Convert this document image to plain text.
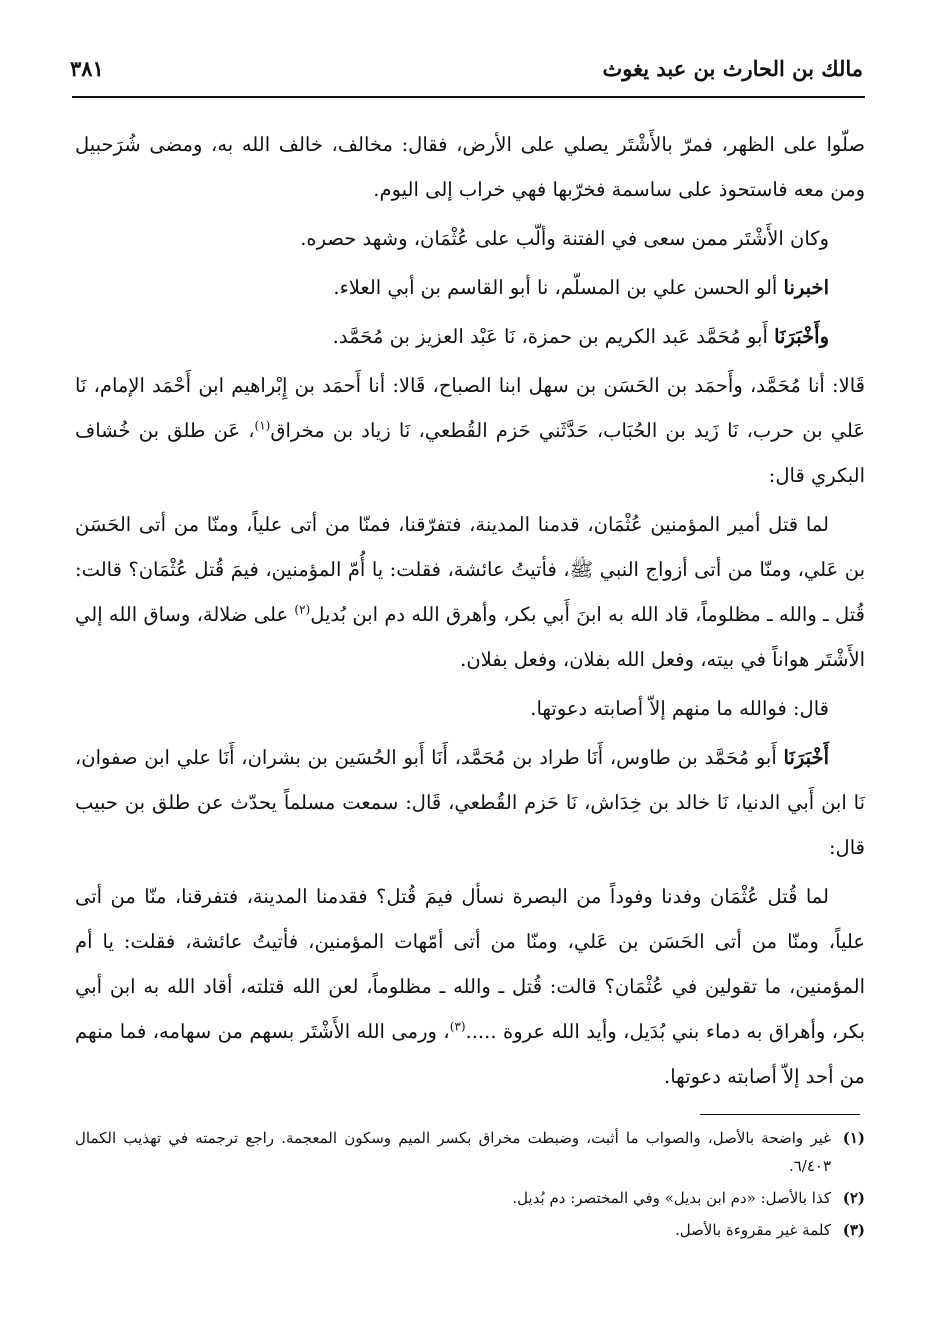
مالك بن الحارث بن عبد يغوث
٣٨١

صلّوا على الظهر، فمرّ بالأَشْتَر يصلي على الأرض، فقال: مخالف، خالف الله به، ومضى شُرَحبيل ومن معه فاستحوذ على ساسمة فخرّبها فهي خراب إلى اليوم.

وكان الأَشْتَر ممن سعى في الفتنة وألّب على عُثْمَان، وشهد حصره.

اخبرنا ألو الحسن علي بن المسلّم، نا أبو القاسم بن أبي العلاء.

وأَخْبَرَنَا أَبو مُحَمَّد عَبد الكريم بن حمزة، نَا عَبْد العزيز بن مُحَمَّد.

قَالا: أنا مُحَمَّد، وأَحمَد بن الحَسَن بن سهل ابنا الصباح، قَالا: أنا أَحمَد بن إِبْراهيم ابن أَحْمَد الإمام، نَا عَلي بن حرب، نَا زَيد بن الحُبَاب، حَدَّثَني حَزم القُطعي، نَا زياد بن مخراق$^{(١)}$، عَن طلق بن خُشاف البكري قال:

لما قتل أمير المؤمنين عُثْمَان، قدمنا المدينة، فتفرّقنا، فمنّا من أتى علياً، ومنّا من أتى الحَسَن بن عَلي، ومنّا من أتى أزواج النبي ﷺ، فأتيتُ عائشة، فقلت: يا أُمّ المؤمنين، فيمَ قُتل عُثْمَان؟ قالت: قُتل ـ والله ـ مظلوماً، قاد الله به ابنَ أَبي بكر، وأهرق الله دم ابن بُديل$^{(٢)}$ على ضلالة، وساق الله إلي الأَشْتَر هواناً في بيته، وفعل الله بفلان، وفعل بفلان.

قال: فوالله ما منهم إلاّ أصابته دعوتها.

أَخْبَرَنَا أَبو مُحَمَّد بن طاوس، أَنَا طراد بن مُحَمَّد، أَنَا أَبو الحُسَين بن بشران، أَنَا علي ابن صفوان، نَا ابن أَبي الدنيا، نَا خالد بن خِدَاش، نَا حَزم القُطعي، قَال: سمعت مسلماً يحدّث عن طلق بن حبيب قال:

لما قُتل عُثْمَان وفدنا وفوداً من البصرة نسأل فيمَ قُتل؟ فقدمنا المدينة، فتفرقنا، منّا من أتى علياً، ومنّا من أتى الحَسَن بن عَلي، ومنّا من أتى أمّهات المؤمنين، فأتيتُ عائشة، فقلت: يا أم المؤمنين، ما تقولين في عُثْمَان؟ قالت: قُتل ـ والله ـ مظلوماً، لعن الله قتلته، أقاد الله به ابن أبي بكر، وأهراق به دماء بني بُدَيل، وأيد الله عروة .....$^{(٣)}$، ورمى الله الأَشْتَر بسهم من سهامه، فما منهم من أحد إلاّ أصابته دعوتها.

(١)
غير واضحة بالأصل، والصواب ما أثبت، وضبطت مخراق بكسر الميم وسكون المعجمة. راجع ترجمته في تهذيب الكمال ٦/٤٠٣.
(٢)
كذا بالأصل: «دم ابن بديل» وفي المختصر: دم بُديل.
(٣)
كلمة غير مقروءة بالأصل.
